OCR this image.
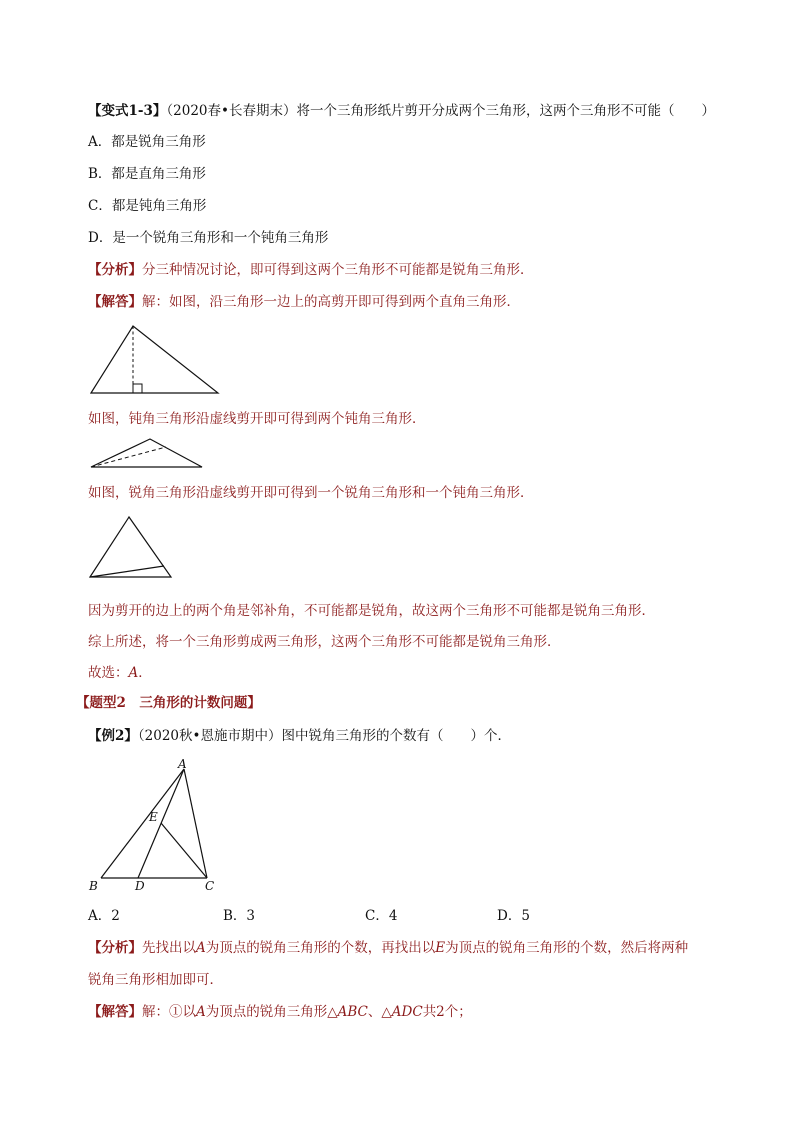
【变式1-3】（2020春•长春期末）将一个三角形纸片剪开分成两个三角形，这两个三角形不可能（　　）
A．都是锐角三角形
B．都是直角三角形
C．都是钝角三角形
D．是一个锐角三角形和一个钝角三角形
【分析】分三种情况讨论，即可得到这两个三角形不可能都是锐角三角形．
【解答】解：如图，沿三角形一边上的高剪开即可得到两个直角三角形．
如图，钝角三角形沿虚线剪开即可得到两个钝角三角形．
如图，锐角三角形沿虚线剪开即可得到一个锐角三角形和一个钝角三角形．
因为剪开的边上的两个角是邻补角，不可能都是锐角，故这两个三角形不可能都是锐角三角形．
综上所述，将一个三角形剪成两三角形，这两个三角形不可能都是锐角三角形．
故选：A．
【题型2　三角形的计数问题】
【例2】（2020秋•恩施市期中）图中锐角三角形的个数有（　　）个．
A
E
B	D	C
A．2	B．3	C．4	D．5
【分析】先找出以A为顶点的锐角三角形的个数，再找出以E为顶点的锐角三角形的个数，然后将两种
锐角三角形相加即可．
【解答】解：①以A为顶点的锐角三角形△ABC、△ADC共2个；
